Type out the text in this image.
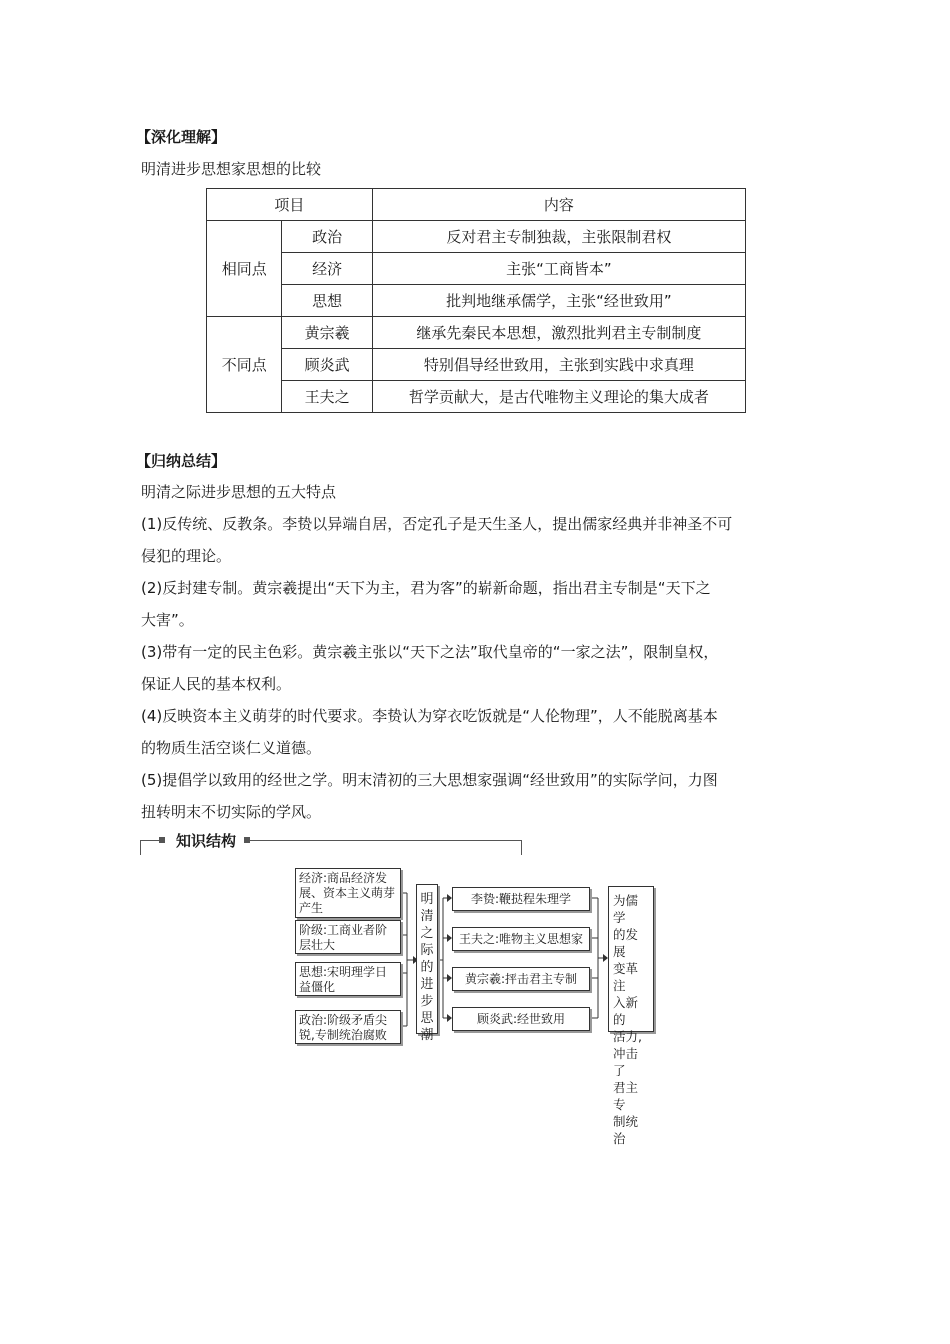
【深化理解】
明清进步思想家思想的比较
项目		内容
相同点	政治	反对君主专制独裁，主张限制君权
	经济	主张“工商皆本”
	思想	批判地继承儒学，主张“经世致用”
不同点	黄宗羲	继承先秦民本思想，激烈批判君主专制制度
	顾炎武	特别倡导经世致用，主张到实践中求真理
	王夫之	哲学贡献大，是古代唯物主义理论的集大成者
【归纳总结】
明清之际进步思想的五大特点
(1)反传统、反教条。李贽以异端自居，否定孔子是天生圣人，提出儒家经典并非神圣不可
侵犯的理论。
(2)反封建专制。黄宗羲提出“天下为主，君为客”的崭新命题，指出君主专制是“天下之
大害”。
(3)带有一定的民主色彩。黄宗羲主张以“天下之法”取代皇帝的“一家之法”，限制皇权，
保证人民的基本权利。
(4)反映资本主义萌芽的时代要求。李贽认为穿衣吃饭就是“人伦物理”，人不能脱离基本
的物质生活空谈仁义道德。
(5)提倡学以致用的经世之学。明末清初的三大思想家强调“经世致用”的实际学问，力图
扭转明末不切实际的学风。
知识结构
经济:商品经济发
展、资本主义萌芽
产生
阶级:工商业者阶
层壮大
思想:宋明理学日
益僵化
政治:阶级矛盾尖
锐,专制统治腐败
明
清
之
际
的
进
步
思
潮
李贽:鞭挞程朱理学
王夫之:唯物主义思想家
黄宗羲:抨击君主专制
顾炎武:经世致用
为儒学
的发展
变革注
入新的
活力,
冲击了
君主专
制统治
